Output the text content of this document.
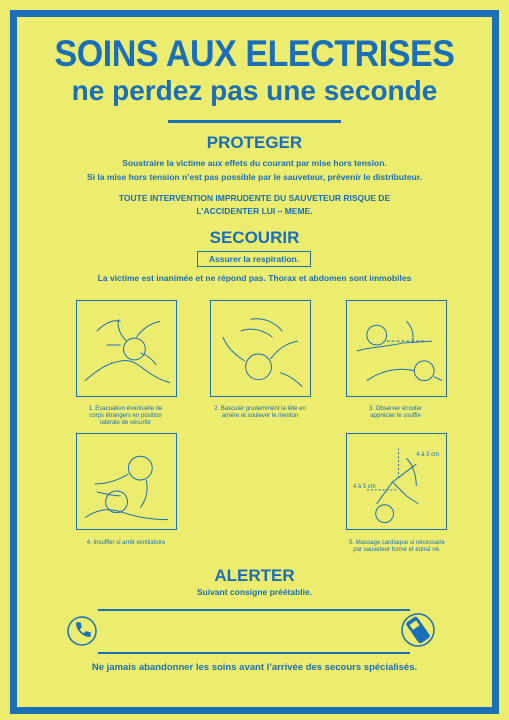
SOINS AUX ELECTRISES
ne perdez pas une seconde
PROTEGER
Soustraire la victime aux effets du courant par mise hors tension.
Si la mise hors tension n’est pas possible par le sauveteur, prévenir le distributeur.
TOUTE INTERVENTION IMPRUDENTE DU SAUVETEUR RISQUE DE
L’ACCIDENTER LUI – MEME.
SECOURIR
Assurer la respiration.
La victime est inanimée et ne répond pas. Thorax et abdomen sont immobiles
1. Evacuation éventuelle de
corps étrangers en position
latérale de sécurité
2. Basculer prudemment la tête en
arrière et soulever le menton
3. Observer écouter
apprécier le souffle
4. Insuffler si arrêt ventilatoire
4 à 5 cm
4 à 5 cm
5. Massage cardiaque si nécessaire
par sauveteur formé et entraî né.
ALERTER
Suivant consigne préétablie.
Ne jamais abandonner les soins avant l’arrivée des secours spécialisés.
